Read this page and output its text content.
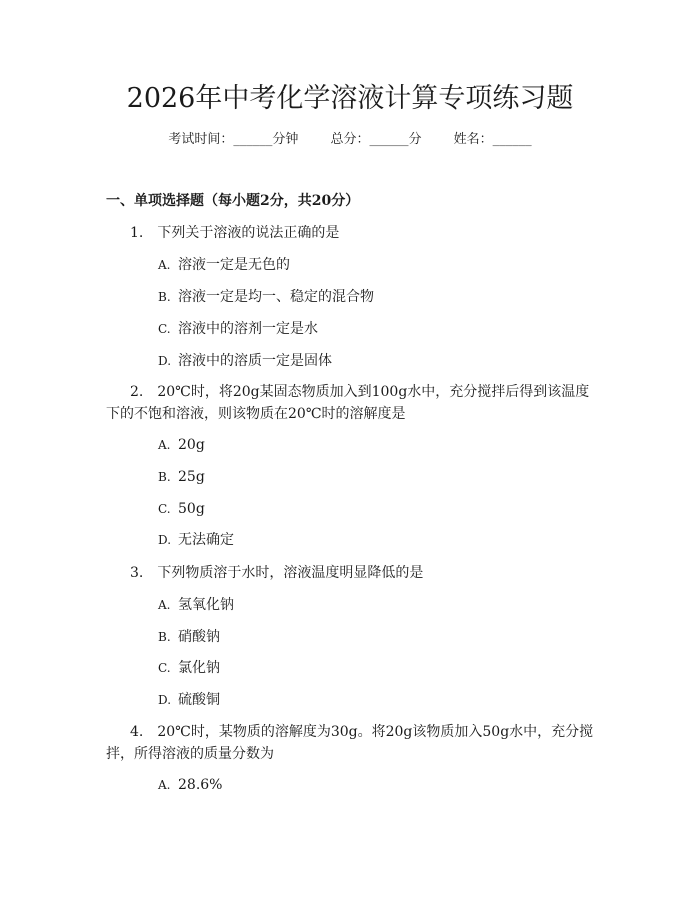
2026年中考化学溶液计算专项练习题
考试时间：______分钟 总分：______分 姓名：______
一、单项选择题（每小题2分，共20分）
1. 下列关于溶液的说法正确的是
A. 溶液一定是无色的
B. 溶液一定是均一、稳定的混合物
C. 溶液中的溶剂一定是水
D. 溶液中的溶质一定是固体
2. 20℃时，将20g某固态物质加入到100g水中，充分搅拌后得到该温度下的不饱和溶液，则该物质在20℃时的溶解度是
A. 20g
B. 25g
C. 50g
D. 无法确定
3. 下列物质溶于水时，溶液温度明显降低的是
A. 氢氧化钠
B. 硝酸钠
C. 氯化钠
D. 硫酸铜
4. 20℃时，某物质的溶解度为30g。将20g该物质加入50g水中，充分搅拌，所得溶液的质量分数为
A. 28.6%
